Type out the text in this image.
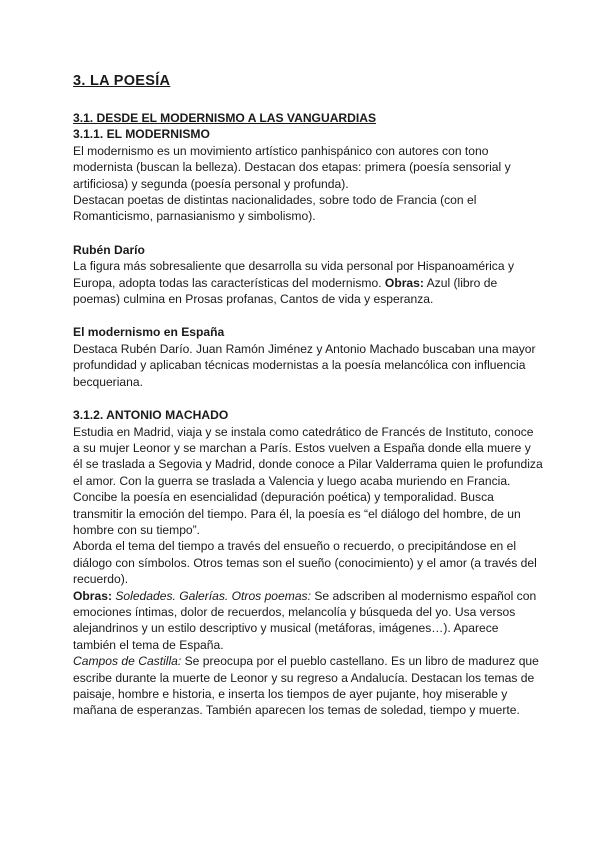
3. LA POESÍA

3.1. DESDE EL MODERNISMO A LAS VANGUARDIAS

3.1.1. EL MODERNISMO

El modernismo es un movimiento artístico panhispánico con autores con tono modernista (buscan la belleza). Destacan dos etapas: primera (poesía sensorial y artificiosa) y segunda (poesía personal y profunda).

Destacan poetas de distintas nacionalidades, sobre todo de Francia (con el Romanticismo, parnasianismo y simbolismo).

Rubén Darío

La figura más sobresaliente que desarrolla su vida personal por Hispanoamérica y Europa, adopta todas las características del modernismo. Obras: Azul (libro de poemas) culmina en Prosas profanas, Cantos de vida y esperanza.

El modernismo en España

Destaca Rubén Darío. Juan Ramón Jiménez y Antonio Machado buscaban una mayor profundidad y aplicaban técnicas modernistas a la poesía melancólica con influencia becqueriana.

3.1.2. ANTONIO MACHADO

Estudia en Madrid, viaja y se instala como catedrático de Francés de Instituto, conoce a su mujer Leonor y se marchan a París. Estos vuelven a España donde ella muere y él se traslada a Segovia y Madrid, donde conoce a Pilar Valderrama quien le profundiza el amor. Con la guerra se traslada a Valencia y luego acaba muriendo en Francia.

Concibe la poesía en esencialidad (depuración poética) y temporalidad. Busca transmitir la emoción del tiempo. Para él, la poesía es “el diálogo del hombre, de un hombre con su tiempo”.

Aborda el tema del tiempo a través del ensueño o recuerdo, o precipitándose en el diálogo con símbolos. Otros temas son el sueño (conocimiento) y el amor (a través del recuerdo).

Obras: Soledades. Galerías. Otros poemas: Se adscriben al modernismo español con emociones íntimas, dolor de recuerdos, melancolía y búsqueda del yo. Usa versos alejandrinos y un estilo descriptivo y musical (metáforas, imágenes…). Aparece también el tema de España.

Campos de Castilla: Se preocupa por el pueblo castellano. Es un libro de madurez que escribe durante la muerte de Leonor y su regreso a Andalucía. Destacan los temas de paisaje, hombre e historia, e inserta los tiempos de ayer pujante, hoy miserable y mañana de esperanzas. También aparecen los temas de soledad, tiempo y muerte.
